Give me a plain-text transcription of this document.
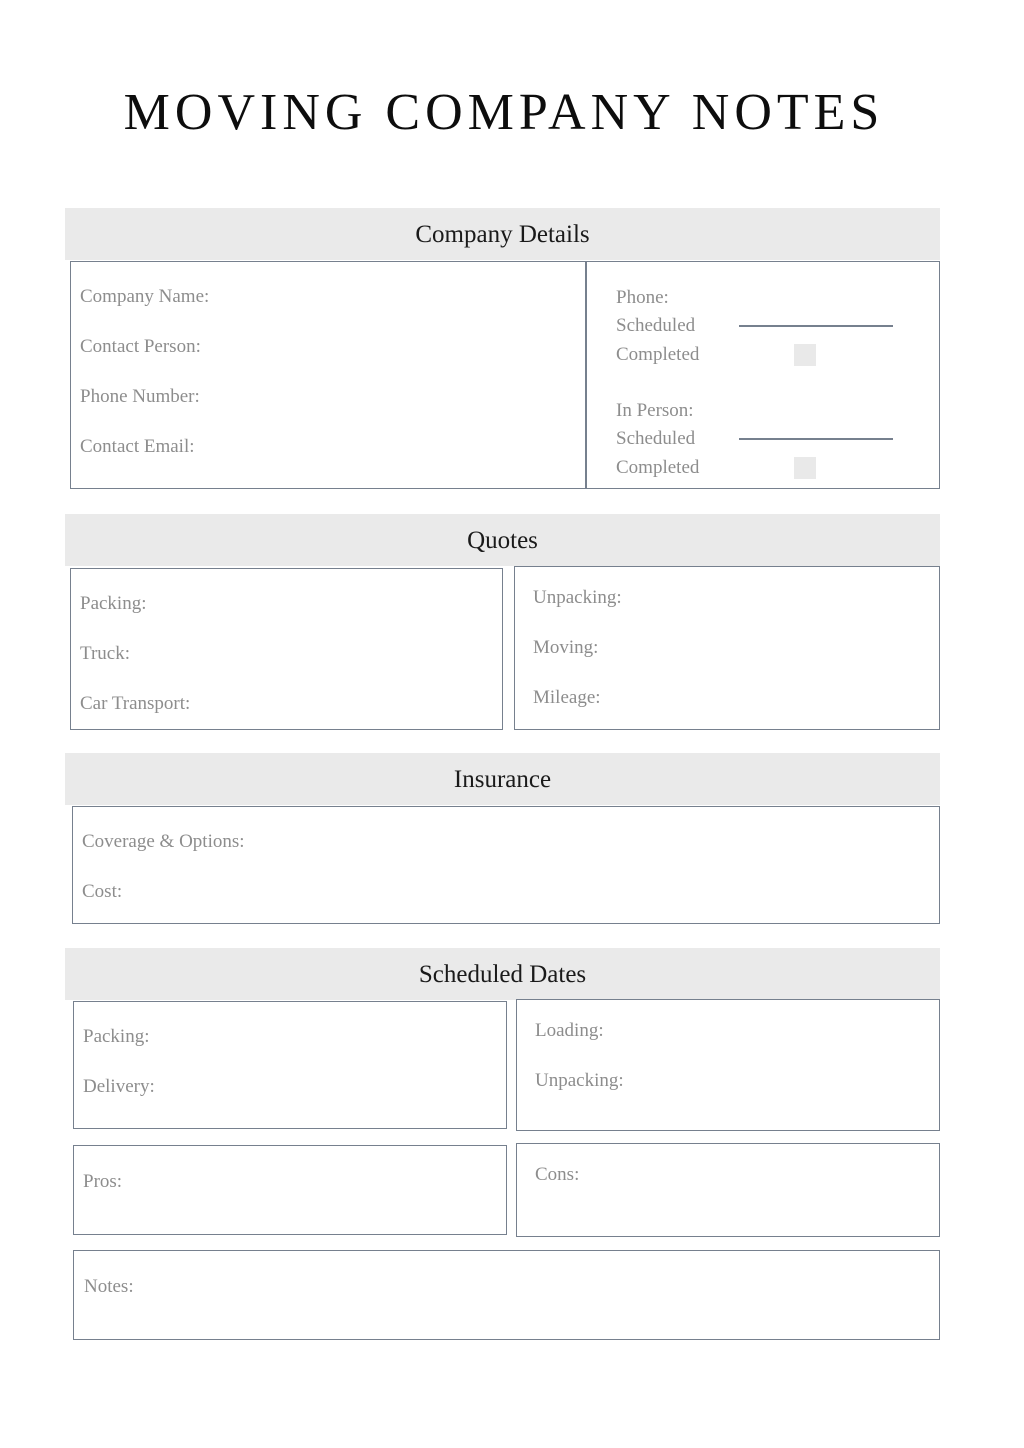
MOVING COMPANY NOTES
Company Details
Company Name:
Contact Person:
Phone Number:
Contact Email:
Phone:
Scheduled
Completed
In Person:
Scheduled
Completed
Quotes
Packing:
Truck:
Car Transport:
Unpacking:
Moving:
Mileage:
Insurance
Coverage & Options:
Cost:
Scheduled Dates
Packing:
Delivery:
Loading:
Unpacking:
Pros:	Cons:
Notes:
